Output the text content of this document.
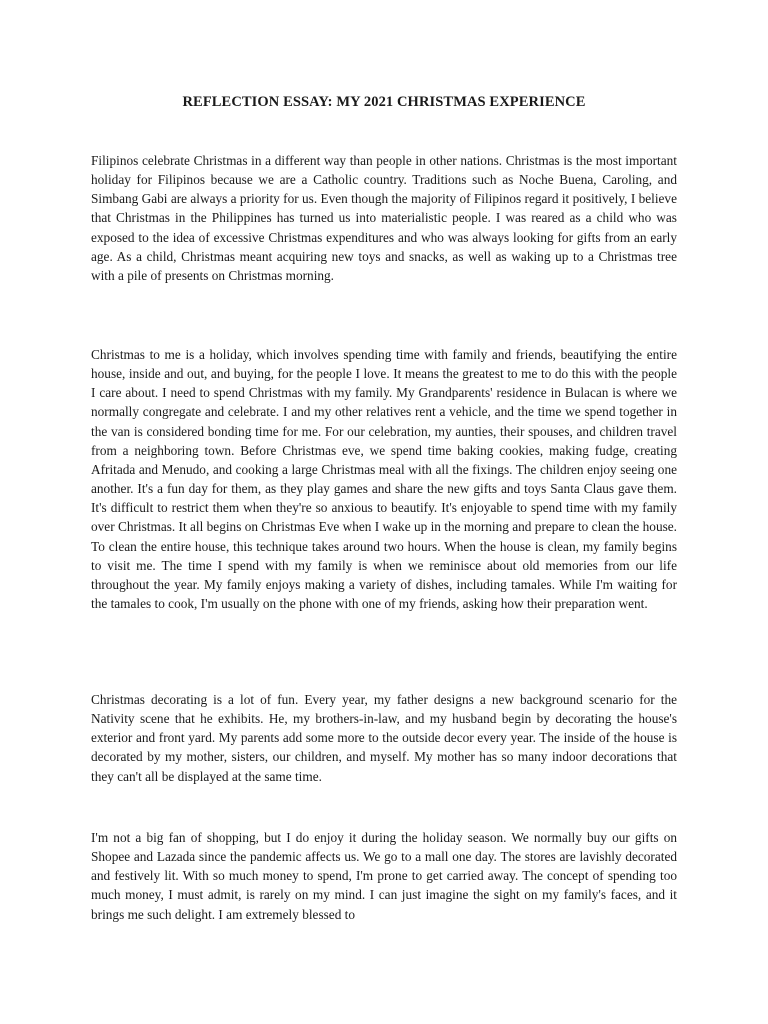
REFLECTION ESSAY: MY 2021 CHRISTMAS EXPERIENCE

Filipinos celebrate Christmas in a different way than people in other nations. Christmas is the most important holiday for Filipinos because we are a Catholic country. Traditions such as Noche Buena, Caroling, and Simbang Gabi are always a priority for us. Even though the majority of Filipinos regard it positively, I believe that Christmas in the Philippines has turned us into materialistic people. I was reared as a child who was exposed to the idea of excessive Christmas expenditures and who was always looking for gifts from an early age. As a child, Christmas meant acquiring new toys and snacks, as well as waking up to a Christmas tree with a pile of presents on Christmas morning.

Christmas to me is a holiday, which involves spending time with family and friends, beautifying the entire house, inside and out, and buying, for the people I love. It means the greatest to me to do this with the people I care about. I need to spend Christmas with my family. My Grandparents' residence in Bulacan is where we normally congregate and celebrate. I and my other relatives rent a vehicle, and the time we spend together in the van is considered bonding time for me. For our celebration, my aunties, their spouses, and children travel from a neighboring town. Before Christmas eve, we spend time baking cookies, making fudge, creating Afritada and Menudo, and cooking a large Christmas meal with all the fixings. The children enjoy seeing one another. It's a fun day for them, as they play games and share the new gifts and toys Santa Claus gave them. It's difficult to restrict them when they're so anxious to beautify. It's enjoyable to spend time with my family over Christmas. It all begins on Christmas Eve when I wake up in the morning and prepare to clean the house. To clean the entire house, this technique takes around two hours. When the house is clean, my family begins to visit me. The time I spend with my family is when we reminisce about old memories from our life throughout the year. My family enjoys making a variety of dishes, including tamales. While I'm waiting for the tamales to cook, I'm usually on the phone with one of my friends, asking how their preparation went.

Christmas decorating is a lot of fun. Every year, my father designs a new background scenario for the Nativity scene that he exhibits. He, my brothers-in-law, and my husband begin by decorating the house's exterior and front yard. My parents add some more to the outside decor every year. The inside of the house is decorated by my mother, sisters, our children, and myself. My mother has so many indoor decorations that they can't all be displayed at the same time.

I'm not a big fan of shopping, but I do enjoy it during the holiday season. We normally buy our gifts on Shopee and Lazada since the pandemic affects us. We go to a mall one day. The stores are lavishly decorated and festively lit. With so much money to spend, I'm prone to get carried away. The concept of spending too much money, I must admit, is rarely on my mind. I can just imagine the sight on my family's faces, and it brings me such delight. I am extremely blessed to
